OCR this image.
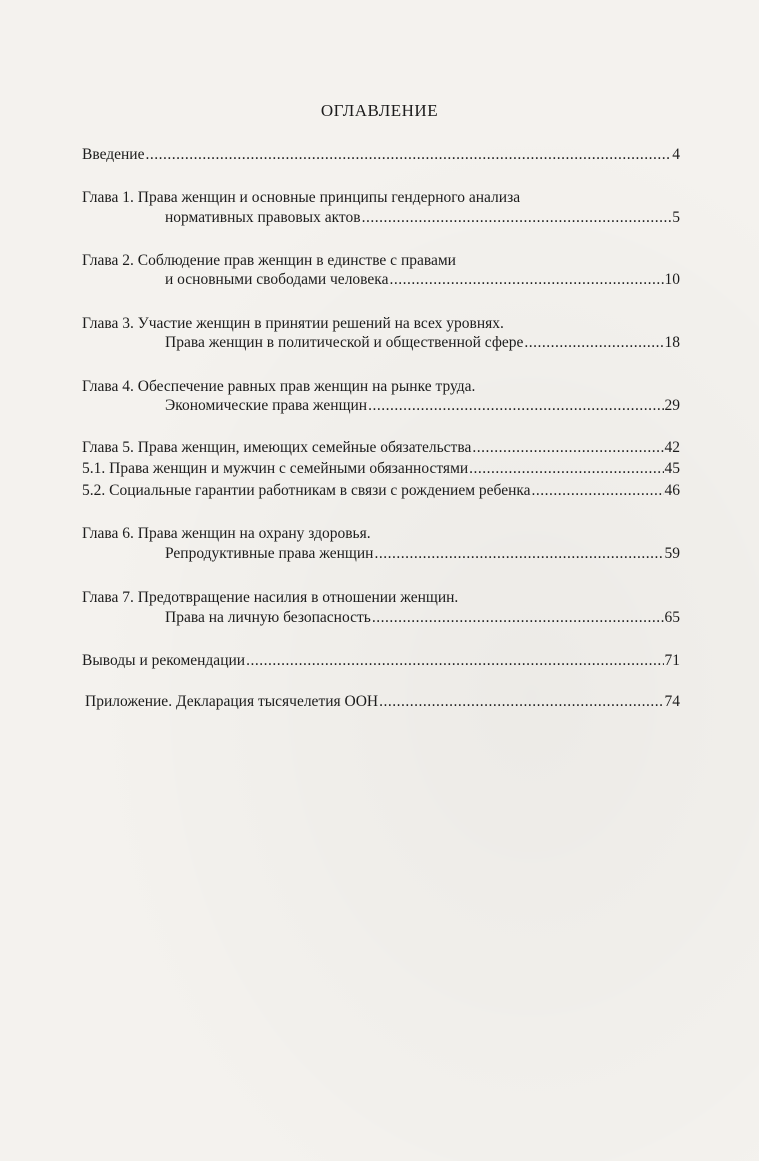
ОГЛАВЛЕНИЕ
Введение .....	4
Глава 1. Права женщин и основные принципы гендерного анализа
нормативных правовых актов .....	5
Глава 2. Соблюдение прав женщин в единстве с правами
и основными свободами человека .....	10
Глава 3. Участие женщин в принятии решений на всех уровнях.
Права женщин в политической и общественной сфере .....	18
Глава 4. Обеспечение равных прав женщин на рынке труда.
Экономические права женщин .....	29
Глава 5. Права женщин, имеющих семейные обязательства .....	42
5.1. Права женщин и мужчин с семейными обязанностями .....	45
5.2. Социальные гарантии работникам в связи с рождением ребенка .....	46
Глава 6. Права женщин на охрану здоровья.
Репродуктивные права женщин .....	59
Глава 7. Предотвращение насилия в отношении женщин.
Права на личную безопасность .....	65
Выводы и рекомендации .....	71
Приложение. Декларация тысячелетия ООН .....	74
